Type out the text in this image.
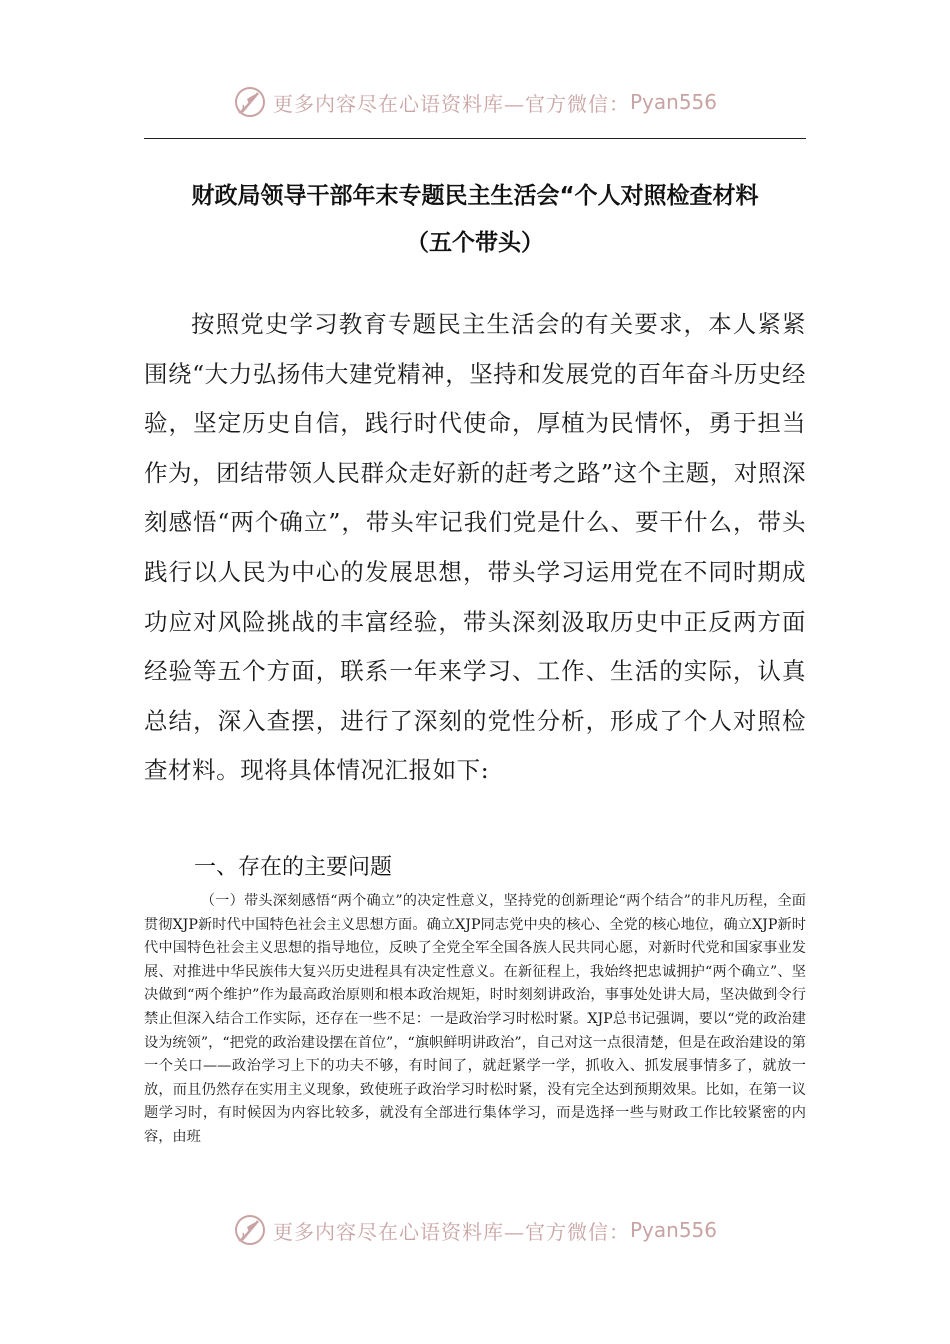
更多内容尽在心语资料库—官方微信： Pyan556
财政局领导干部年末专题民主生活会“个人对照检查材料
（五个带头）

按照党史学习教育专题民主生活会的有关要求，本人紧紧围绕“大力弘扬伟大建党精神，坚持和发展党的百年奋斗历史经验，坚定历史自信，践行时代使命，厚植为民情怀，勇于担当作为，团结带领人民群众走好新的赶考之路”这个主题，对照深刻感悟“两个确立”，带头牢记我们党是什么、要干什么，带头践行以人民为中心的发展思想，带头学习运用党在不同时期成功应对风险挑战的丰富经验，带头深刻汲取历史中正反两方面经验等五个方面，联系一年来学习、工作、生活的实际，认真总结，深入查摆，进行了深刻的党性分析，形成了个人对照检查材料。现将具体情况汇报如下:

一、存在的主要问题

（一）带头深刻感悟“两个确立”的决定性意义，坚持党的创新理论“两个结合”的非凡历程，全面贯彻XJP新时代中国特色社会主义思想方面。确立XJP同志党中央的核心、全党的核心地位，确立XJP新时代中国特色社会主义思想的指导地位，反映了全党全军全国各族人民共同心愿，对新时代党和国家事业发展、对推进中华民族伟大复兴历史进程具有决定性意义。在新征程上，我始终把忠诚拥护“两个确立”、坚决做到“两个维护”作为最高政治原则和根本政治规矩，时时刻刻讲政治，事事处处讲大局，坚决做到令行禁止但深入结合工作实际，还存在一些不足：一是政治学习时松时紧。XJP总书记强调，要以“党的政治建设为统领”，“把党的政治建设摆在首位”，“旗帜鲜明讲政治”，自己对这一点很清楚，但是在政治建设的第一个关口——政治学习上下的功夫不够，有时间了，就赶紧学一学，抓收入、抓发展事情多了，就放一放，而且仍然存在实用主义现象，致使班子政治学习时松时紧，没有完全达到预期效果。比如，在第一议题学习时，有时候因为内容比较多，就没有全部进行集体学习，而是选择一些与财政工作比较紧密的内容，由班

更多内容尽在心语资料库—官方微信： Pyan556
